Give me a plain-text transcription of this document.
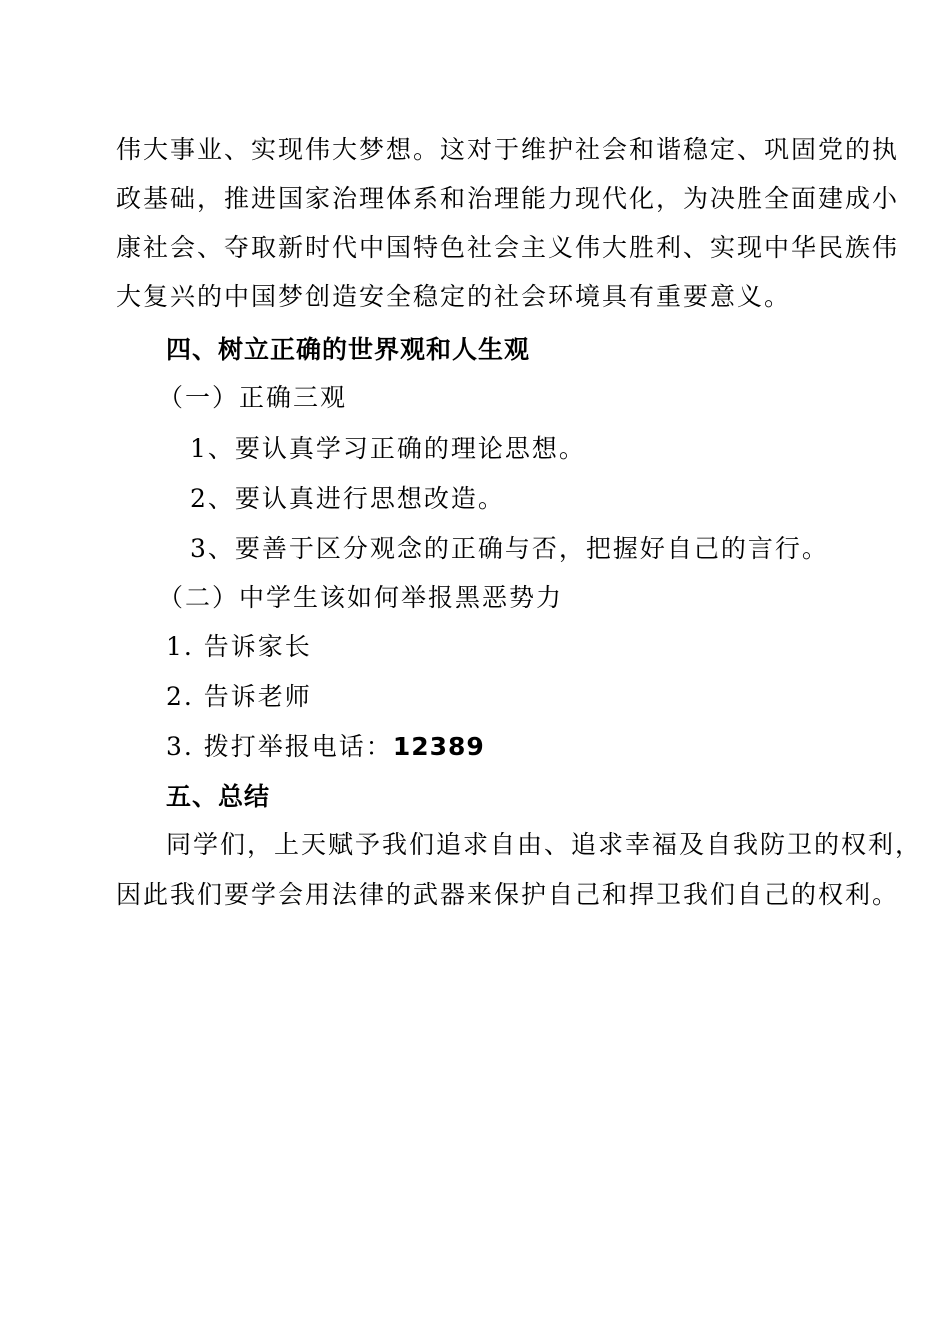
伟大事业、实现伟大梦想。这对于维护社会和谐稳定、巩固党的执
政基础，推进国家治理体系和治理能力现代化，为决胜全面建成小
康社会、夺取新时代中国特色社会主义伟大胜利、实现中华民族伟
大复兴的中国梦创造安全稳定的社会环境具有重要意义。
四、树立正确的世界观和人生观
（一）正确三观
1、要认真学习正确的理论思想。
2、要认真进行思想改造。
3、要善于区分观念的正确与否，把握好自己的言行。
（二）中学生该如何举报黑恶势力
1. 告诉家长
2. 告诉老师
3. 拨打举报电话：12389
五、总结
同学们，上天赋予我们追求自由、追求幸福及自我防卫的权利，
因此我们要学会用法律的武器来保护自己和捍卫我们自己的权利。
